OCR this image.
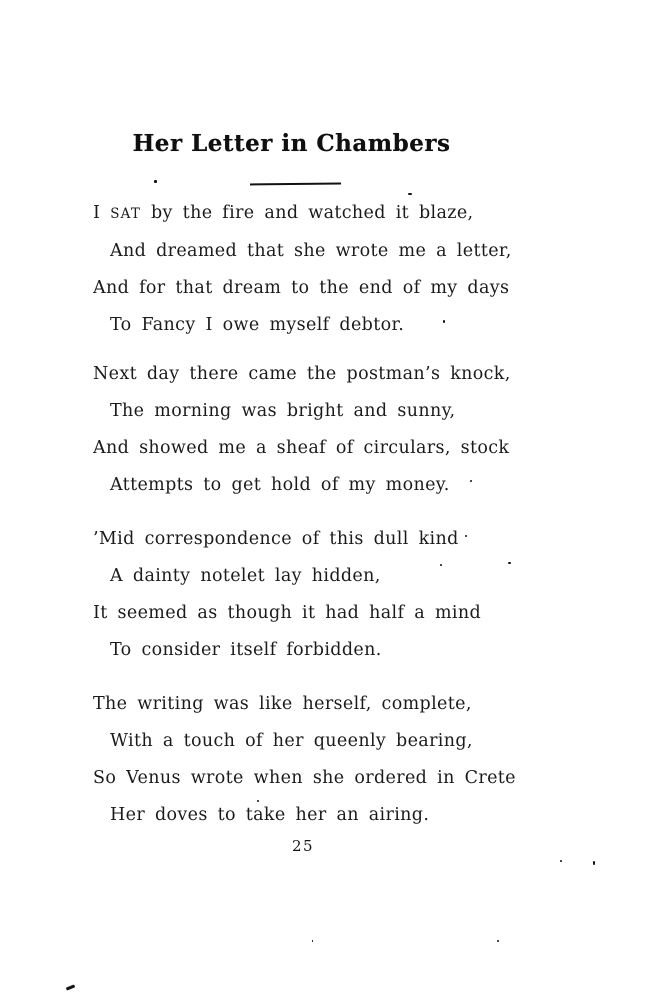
Her Letter in Chambers
I SAT by the fire and watched it blaze,
And dreamed that she wrote me a letter,
And for that dream to the end of my days
To Fancy I owe myself debtor.
Next day there came the postman’s knock,
The morning was bright and sunny,
And showed me a sheaf of circulars, stock
Attempts to get hold of my money.
’Mid correspondence of this dull kind
A dainty notelet lay hidden,
It seemed as though it had half a mind
To consider itself forbidden.
The writing was like herself, complete,
With a touch of her queenly bearing,
So Venus wrote when she ordered in Crete
Her doves to take her an airing.
25
